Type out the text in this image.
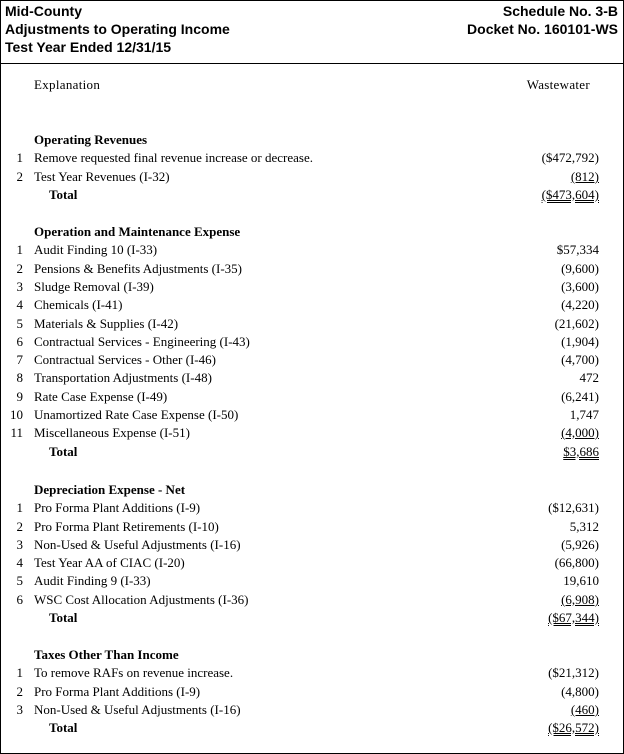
Mid-County
Adjustments to Operating Income
Test Year Ended 12/31/15
Schedule No. 3-B
Docket No. 160101-WS
Explanation	Wastewater
Operating Revenues
1 Remove requested final revenue increase or decrease.	($472,792)
2 Test Year Revenues (I-32)	(812)
Total	($473,604)
Operation and Maintenance Expense
1 Audit Finding 10 (I-33)	$57,334
2 Pensions & Benefits Adjustments (I-35)	(9,600)
3 Sludge Removal (I-39)	(3,600)
4 Chemicals (I-41)	(4,220)
5 Materials & Supplies (I-42)	(21,602)
6 Contractual Services - Engineering (I-43)	(1,904)
7 Contractual Services - Other (I-46)	(4,700)
8 Transportation Adjustments (I-48)	472
9 Rate Case Expense (I-49)	(6,241)
10 Unamortized Rate Case Expense (I-50)	1,747
11 Miscellaneous Expense (I-51)	(4,000)
Total	$3,686
Depreciation Expense - Net
1 Pro Forma Plant Additions (I-9)	($12,631)
2 Pro Forma Plant Retirements (I-10)	5,312
3 Non-Used & Useful Adjustments (I-16)	(5,926)
4 Test Year AA of CIAC (I-20)	(66,800)
5 Audit Finding 9 (I-33)	19,610
6 WSC Cost Allocation Adjustments (I-36)	(6,908)
Total	($67,344)
Taxes Other Than Income
1 To remove RAFs on revenue increase.	($21,312)
2 Pro Forma Plant Additions (I-9)	(4,800)
3 Non-Used & Useful Adjustments (I-16)	(460)
Total	($26,572)
